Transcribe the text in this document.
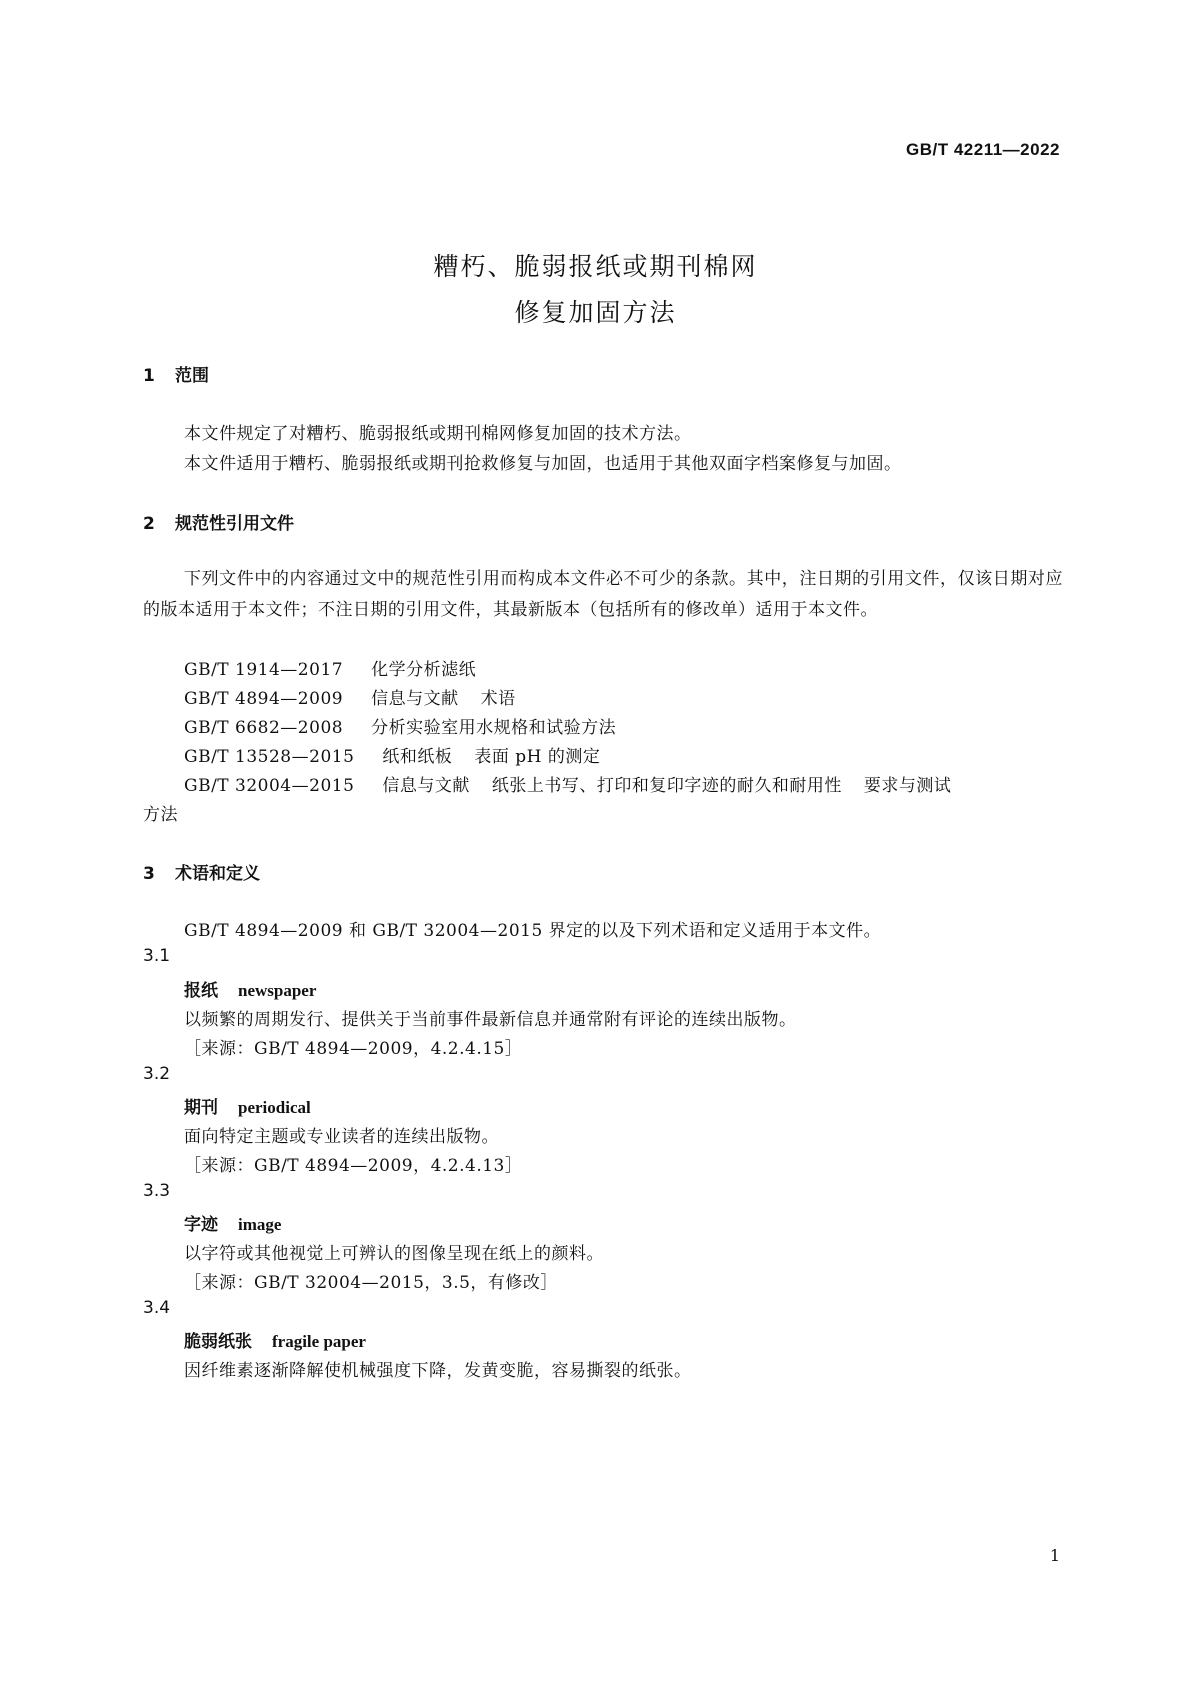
GB/T 42211—2022
糟朽、脆弱报纸或期刊棉网
修复加固方法
1 范围
本文件规定了对糟朽、脆弱报纸或期刊棉网修复加固的技术方法。
本文件适用于糟朽、脆弱报纸或期刊抢救修复与加固，也适用于其他双面字档案修复与加固。
2 规范性引用文件
下列文件中的内容通过文中的规范性引用而构成本文件必不可少的条款。其中，注日期的引用文件，仅该日期对应的版本适用于本文件；不注日期的引用文件，其最新版本（包括所有的修改单）适用于本文件。
GB/T 1914—2017 化学分析滤纸
GB/T 4894—2009 信息与文献 术语
GB/T 6682—2008 分析实验室用水规格和试验方法
GB/T 13528—2015 纸和纸板 表面 pH 的测定
GB/T 32004—2015 信息与文献 纸张上书写、打印和复印字迹的耐久和耐用性 要求与测试
方法
3 术语和定义
GB/T 4894—2009 和 GB/T 32004—2015 界定的以及下列术语和定义适用于本文件。
3.1
报纸 newspaper
以频繁的周期发行、提供关于当前事件最新信息并通常附有评论的连续出版物。
［来源：GB/T 4894—2009，4.2.4.15］
3.2
期刊 periodical
面向特定主题或专业读者的连续出版物。
［来源：GB/T 4894—2009，4.2.4.13］
3.3
字迹 image
以字符或其他视觉上可辨认的图像呈现在纸上的颜料。
［来源：GB/T 32004—2015，3.5，有修改］
3.4
脆弱纸张 fragile paper
因纤维素逐渐降解使机械强度下降，发黄变脆，容易撕裂的纸张。
1
